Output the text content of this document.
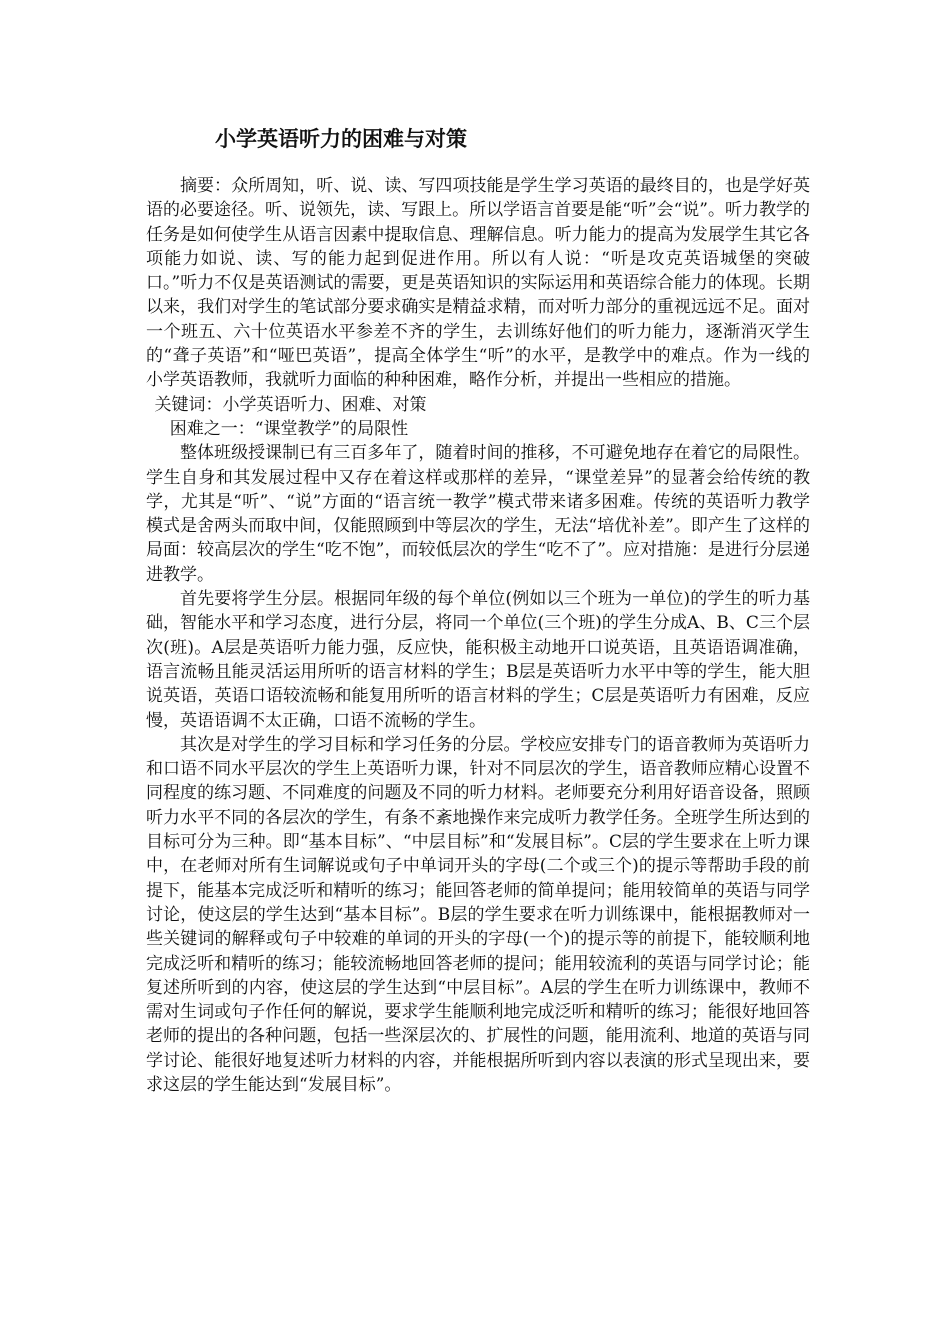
小学英语听力的困难与对策

摘要：众所周知，听、说、读、写四项技能是学生学习英语的最终目的，也是学好英语的必要途径。听、说领先，读、写跟上。所以学语言首要是能“听”会“说”。听力教学的任务是如何使学生从语言因素中提取信息、理解信息。听力能力的提高为发展学生其它各项能力如说、读、写的能力起到促进作用。所以有人说：“听是攻克英语城堡的突破口。”听力不仅是英语测试的需要，更是英语知识的实际运用和英语综合能力的体现。长期以来，我们对学生的笔试部分要求确实是精益求精，而对听力部分的重视远远不足。面对一个班五、六十位英语水平参差不齐的学生，去训练好他们的听力能力，逐渐消灭学生的“聋子英语”和“哑巴英语”，提高全体学生“听”的水平，是教学中的难点。作为一线的小学英语教师，我就听力面临的种种困难，略作分析，并提出一些相应的措施。

关键词：小学英语听力、困难、对策

困难之一：“课堂教学”的局限性

整体班级授课制已有三百多年了，随着时间的推移，不可避免地存在着它的局限性。学生自身和其发展过程中又存在着这样或那样的差异，“课堂差异”的显著会给传统的教学，尤其是“听”、“说”方面的“语言统一教学”模式带来诸多困难。传统的英语听力教学模式是舍两头而取中间，仅能照顾到中等层次的学生，无法“培优补差”。即产生了这样的局面：较高层次的学生“吃不饱”，而较低层次的学生“吃不了”。应对措施：是进行分层递进教学。

首先要将学生分层。根据同年级的每个单位(例如以三个班为一单位)的学生的听力基础，智能水平和学习态度，进行分层，将同一个单位(三个班)的学生分成A、B、C三个层次(班)。A层是英语听力能力强，反应快，能积极主动地开口说英语，且英语语调准确，语言流畅且能灵活运用所听的语言材料的学生；B层是英语听力水平中等的学生，能大胆说英语，英语口语较流畅和能复用所听的语言材料的学生；C层是英语听力有困难，反应慢，英语语调不太正确，口语不流畅的学生。

其次是对学生的学习目标和学习任务的分层。学校应安排专门的语音教师为英语听力和口语不同水平层次的学生上英语听力课，针对不同层次的学生，语音教师应精心设置不同程度的练习题、不同难度的问题及不同的听力材料。老师要充分利用好语音设备，照顾听力水平不同的各层次的学生，有条不紊地操作来完成听力教学任务。全班学生所达到的目标可分为三种。即“基本目标”、“中层目标”和“发展目标”。C层的学生要求在上听力课中，在老师对所有生词解说或句子中单词开头的字母(二个或三个)的提示等帮助手段的前提下，能基本完成泛听和精听的练习；能回答老师的简单提问；能用较简单的英语与同学讨论，使这层的学生达到“基本目标”。B层的学生要求在听力训练课中，能根据教师对一些关键词的解释或句子中较难的单词的开头的字母(一个)的提示等的前提下，能较顺利地完成泛听和精听的练习；能较流畅地回答老师的提问；能用较流利的英语与同学讨论；能复述所听到的内容，使这层的学生达到“中层目标”。A层的学生在听力训练课中，教师不需对生词或句子作任何的解说，要求学生能顺利地完成泛听和精听的练习；能很好地回答老师的提出的各种问题，包括一些深层次的、扩展性的问题，能用流利、地道的英语与同学讨论、能很好地复述听力材料的内容，并能根据所听到内容以表演的形式呈现出来，要求这层的学生能达到“发展目标”。
